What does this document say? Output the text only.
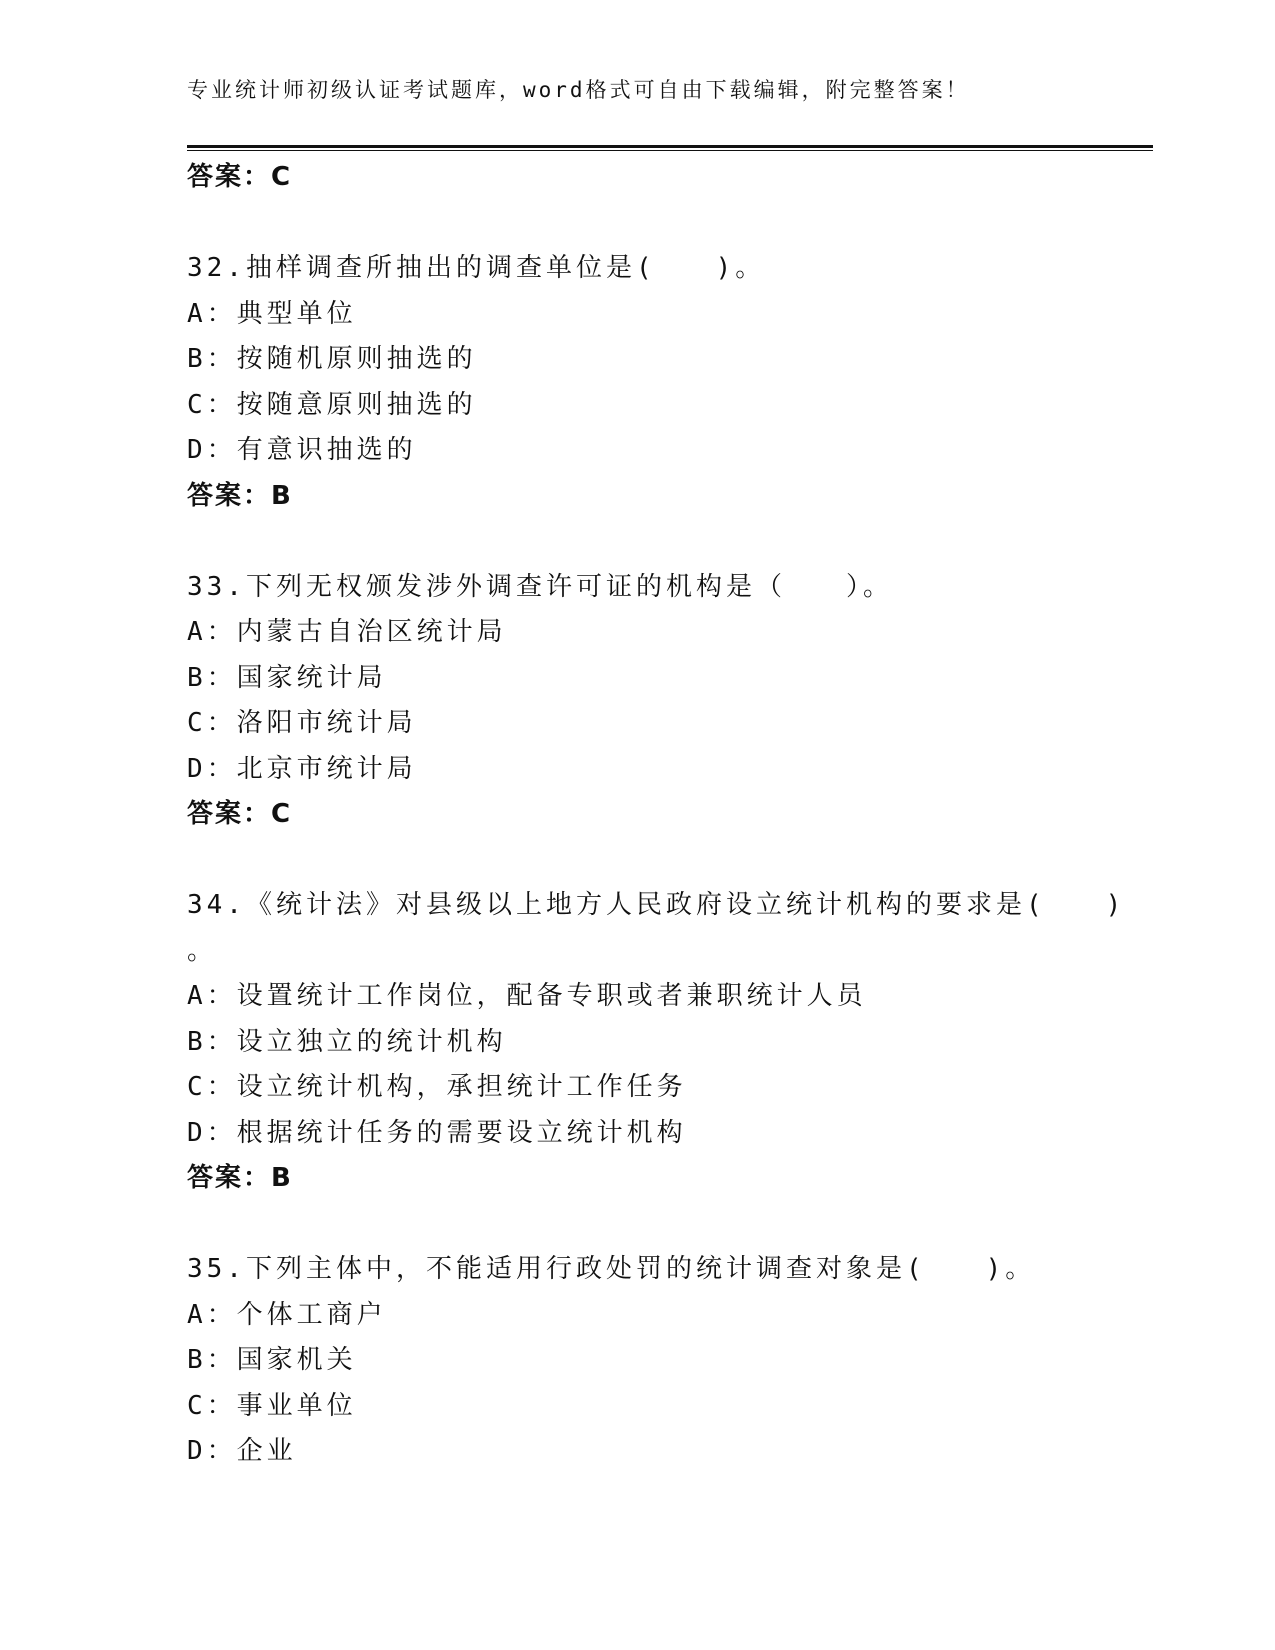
专业统计师初级认证考试题库，word格式可自由下载编辑，附完整答案！
答案：C
32.抽样调查所抽出的调查单位是(　　)。
A：典型单位
B：按随机原则抽选的
C：按随意原则抽选的
D：有意识抽选的
答案：B
33.下列无权颁发涉外调查许可证的机构是（　　）。
A：内蒙古自治区统计局
B：国家统计局
C：洛阳市统计局
D：北京市统计局
答案：C
34.《统计法》对县级以上地方人民政府设立统计机构的要求是(　　)
。
A：设置统计工作岗位，配备专职或者兼职统计人员
B：设立独立的统计机构
C：设立统计机构，承担统计工作任务
D：根据统计任务的需要设立统计机构
答案：B
35.下列主体中，不能适用行政处罚的统计调查对象是(　　)。
A：个体工商户
B：国家机关
C：事业单位
D：企业
